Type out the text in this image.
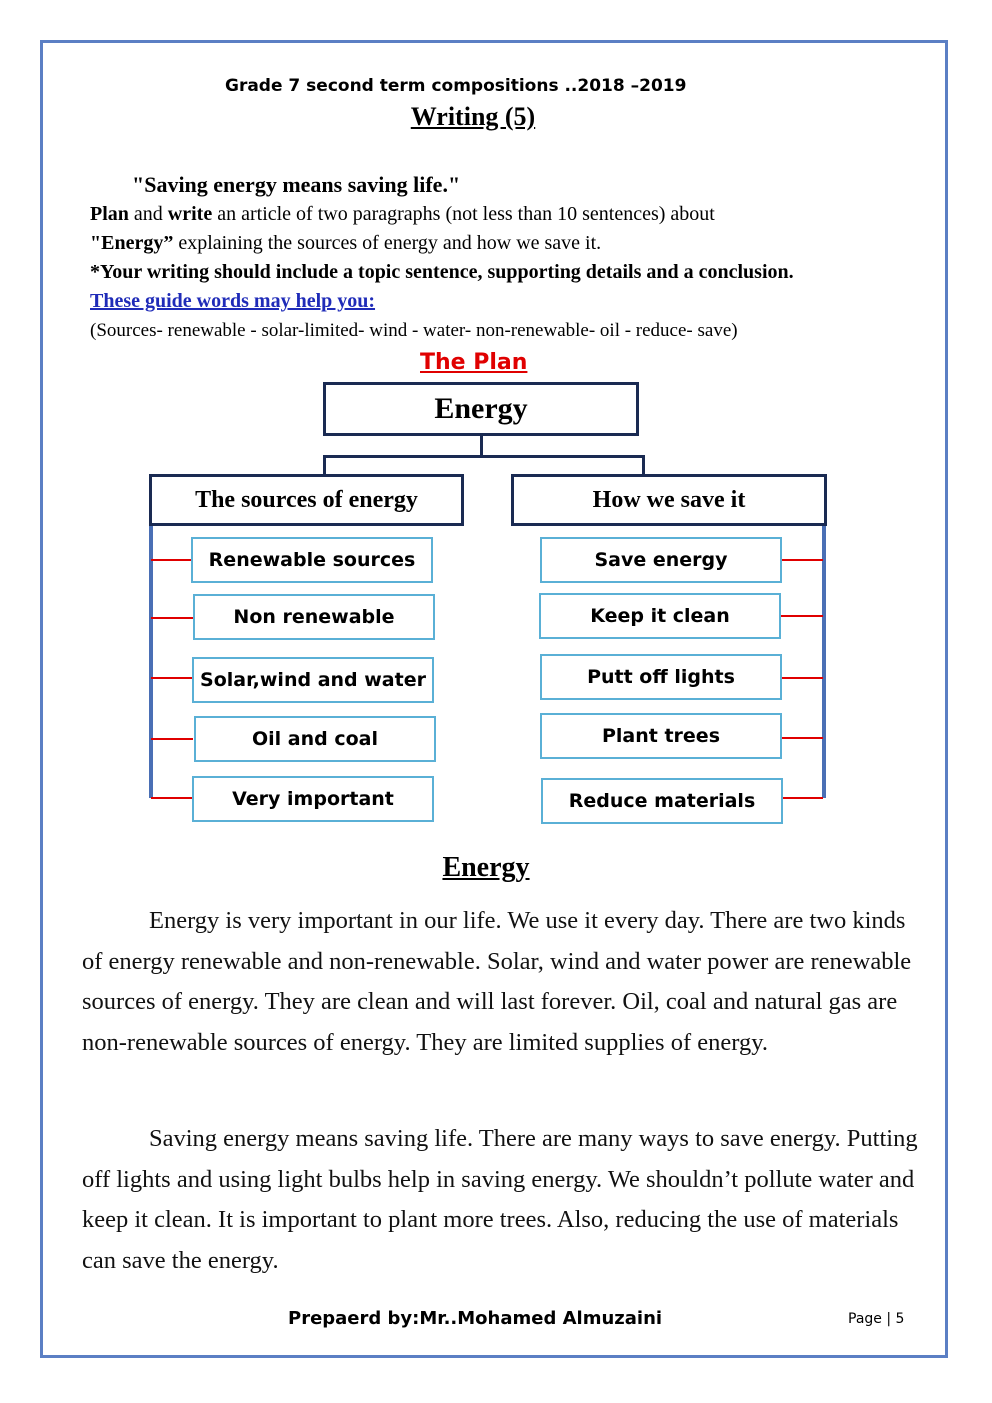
Grade 7 second term compositions ..2018 –2019
Writing (5)
"Saving energy means saving life."
Plan and write an article of two paragraphs (not less than 10 sentences) about
"Energy” explaining the sources of energy and how we save it.
*Your writing should include a topic sentence, supporting details and a conclusion.
These guide words may help you:
(Sources- renewable - solar-limited- wind - water- non-renewable- oil - reduce- save)
The Plan
Energy
The sources of energy	How we save it
Renewable sources
Non renewable
Solar,wind and water
Oil and coal
Very important
Save energy
Keep it clean
Putt off lights
Plant trees
Reduce materials
Energy

Energy is very important in our life. We use it every day. There are two kinds of energy renewable and non-renewable. Solar, wind and water power are renewable sources of energy. They are clean and will last forever. Oil, coal and natural gas are non-renewable sources of energy. They are limited supplies of energy.

Saving energy means saving life. There are many ways to save energy. Putting off lights and using light bulbs help in saving energy. We shouldn’t pollute water and keep it clean. It is important to plant more trees. Also, reducing the use of materials can save the energy.

Prepaerd by:Mr..Mohamed Almuzaini	Page | 5
